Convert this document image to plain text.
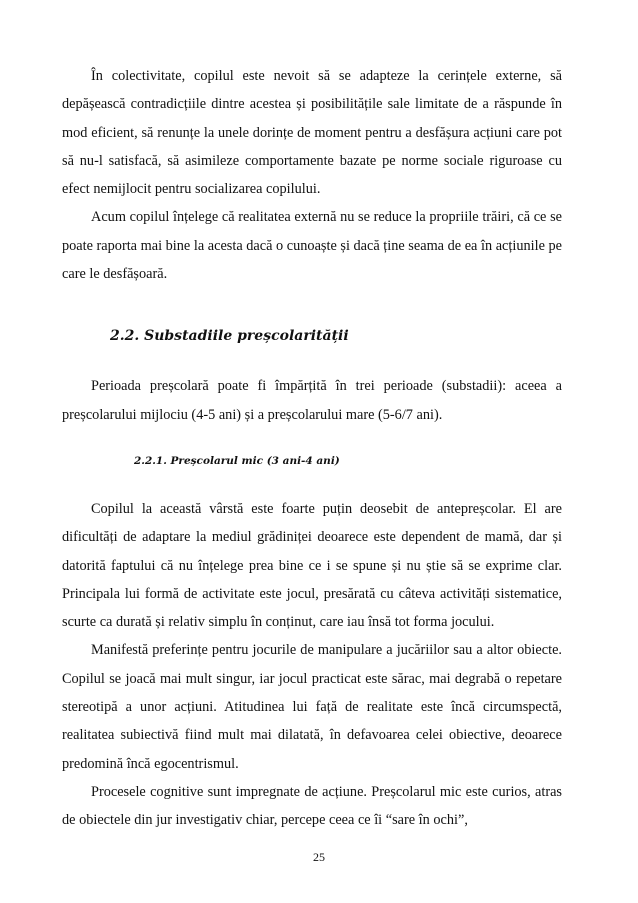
În colectivitate, copilul este nevoit să se adapteze la cerințele externe, să depășească contradicțiile dintre acestea și posibilitățile sale limitate de a răspunde în mod eficient, să renunțe la unele dorințe de moment pentru a desfășura acțiuni care pot să nu-l satisfacă, să asimileze comportamente bazate pe norme sociale riguroase cu efect nemijlocit pentru socializarea copilului.

Acum copilul înțelege că realitatea externă nu se reduce la propriile trăiri, că ce se poate raporta mai bine la acesta dacă o cunoaște și dacă ține seama de ea în acțiunile pe care le desfășoară.

2.2. Substadiile preșcolarității

Perioada preșcolară poate fi împărțită în trei perioade (substadii): aceea a preșcolarului mijlociu (4-5 ani) și a preșcolarului mare (5-6/7 ani).

2.2.1. Preșcolarul mic (3 ani-4 ani)

Copilul la această vârstă este foarte puțin deosebit de antepreșcolar. El are dificultăți de adaptare la mediul grădiniței deoarece este dependent de mamă, dar și datorită faptului că nu înțelege prea bine ce i se spune și nu știe să se exprime clar. Principala lui formă de activitate este jocul, presărată cu câteva activități sistematice, scurte ca durată și relativ simplu în conținut, care iau însă tot forma jocului.

Manifestă preferințe pentru jocurile de manipulare a jucăriilor sau a altor obiecte. Copilul se joacă mai mult singur, iar jocul practicat este sărac, mai degrabă o repetare stereotipă a unor acțiuni. Atitudinea lui față de realitate este încă circumspectă, realitatea subiectivă fiind mult mai dilatată, în defavoarea celei obiective, deoarece predomină încă egocentrismul.

Procesele cognitive sunt impregnate de acțiune. Preșcolarul mic este curios, atras de obiectele din jur investigativ chiar, percepe ceea ce îi “sare în ochi”,

25
